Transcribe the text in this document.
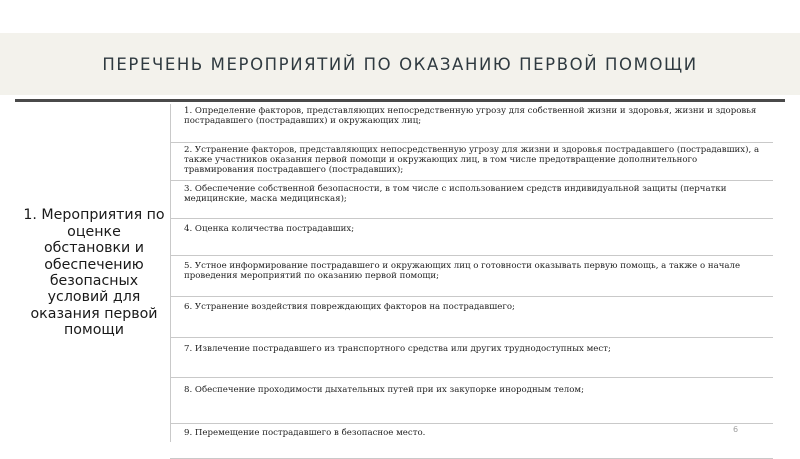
ПЕРЕЧЕНЬ МЕРОПРИЯТИЙ ПО ОКАЗАНИЮ ПЕРВОЙ ПОМОЩИ
1. Мероприятия по оценке обстановки и обеспечению безопасных условий для оказания первой помощи
1. Определение факторов, представляющих непосредственную угрозу для собственной жизни и здоровья, жизни и здоровья пострадавшего (пострадавших) и окружающих лиц;
2. Устранение факторов, представляющих непосредственную угрозу для жизни и здоровья пострадавшего (пострадавших), а также участников оказания первой помощи и окружающих лиц, в том числе предотвращение дополнительного травмирования пострадавшего (пострадавших);
3. Обеспечение собственной безопасности, в том числе с использованием средств индивидуальной защиты (перчатки медицинские, маска медицинская);
4. Оценка количества пострадавших;
5. Устное информирование пострадавшего и окружающих лиц о готовности оказывать первую помощь, а также о начале проведения мероприятий по оказанию первой помощи;
6. Устранение воздействия повреждающих факторов на пострадавшего;
7. Извлечение пострадавшего из транспортного средства или других труднодоступных мест;
8. Обеспечение проходимости дыхательных путей при их закупорке инородным телом;
9. Перемещение пострадавшего в безопасное место.	6
